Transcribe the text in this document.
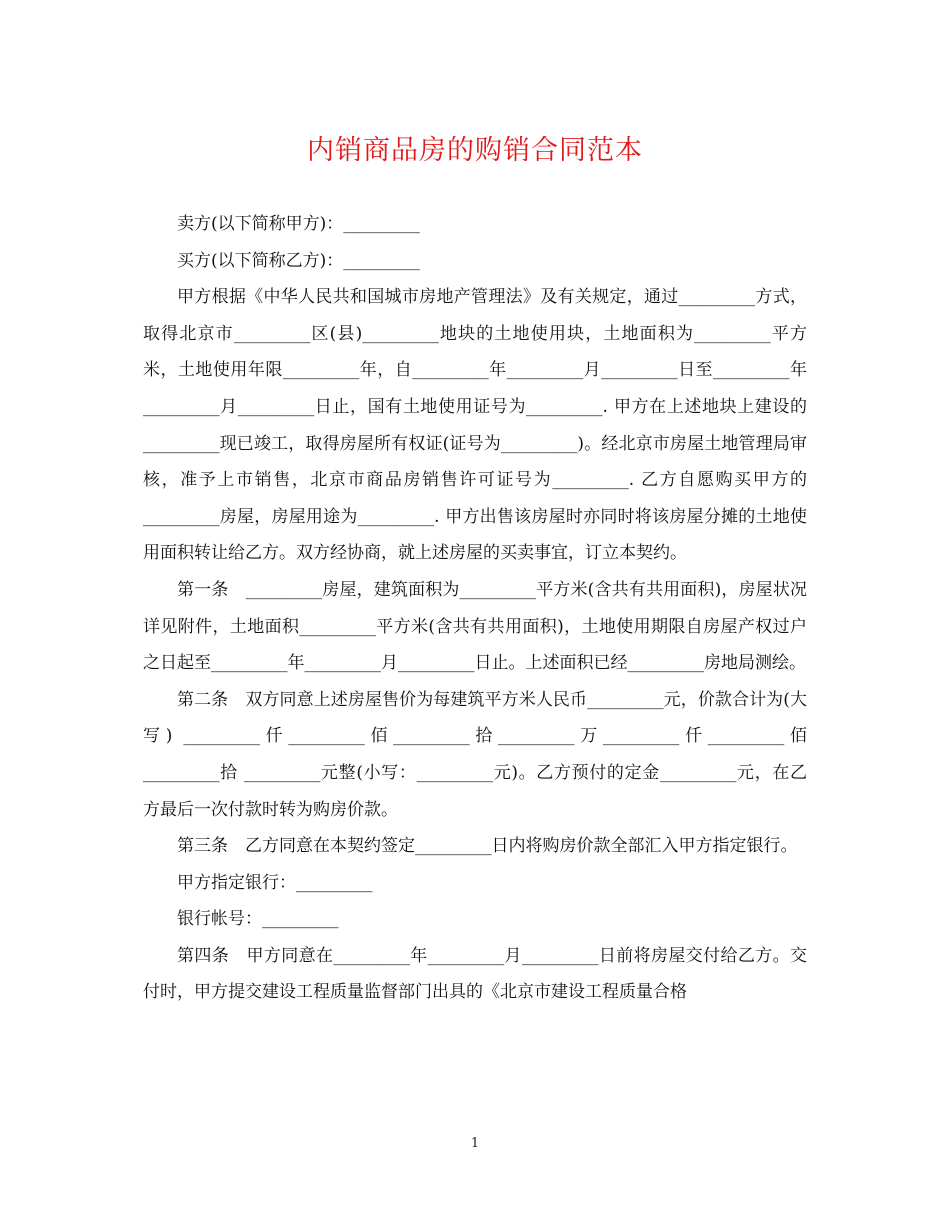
内销商品房的购销合同范本

卖方(以下简称甲方)：_________

买方(以下简称乙方)：_________

甲方根据《中华人民共和国城市房地产管理法》及有关规定，通过_________方式，取得北京市_________区(县)_________地块的土地使用块，土地面积为_________平方米，土地使用年限_________年，自_________年_________月_________日至_________年 _________月_________日止，国有土地使用证号为_________. 甲方在上述地块上建设的_________现已竣工，取得房屋所有权证(证号为_________)。经北京市房屋土地管理局审核，准予上市销售，北京市商品房销售许可证号为_________. 乙方自愿购买甲方的 _________房屋，房屋用途为_________. 甲方出售该房屋时亦同时将该房屋分摊的土地使用面积转让给乙方。双方经协商，就上述房屋的买卖事宜，订立本契约。

第一条　_________房屋，建筑面积为_________平方米(含共有共用面积)，房屋状况详见附件，土地面积_________平方米(含共有共用面积)，土地使用期限自房屋产权过户之日起至_________年_________月_________日止。上述面积已经_________房地局测绘。

第二条　双方同意上述房屋售价为每建筑平方米人民币_________元，价款合计为(大写) _________仟_________佰_________拾_________万_________仟_________佰_________拾 _________元整(小写：_________元)。乙方预付的定金_________元，在乙方最后一次付款时转为购房价款。

第三条　乙方同意在本契约签定_________日内将购房价款全部汇入甲方指定银行。

甲方指定银行：_________

银行帐号：_________

第四条　甲方同意在_________年_________月_________日前将房屋交付给乙方。交付时，甲方提交建设工程质量监督部门出具的《北京市建设工程质量合格

1
